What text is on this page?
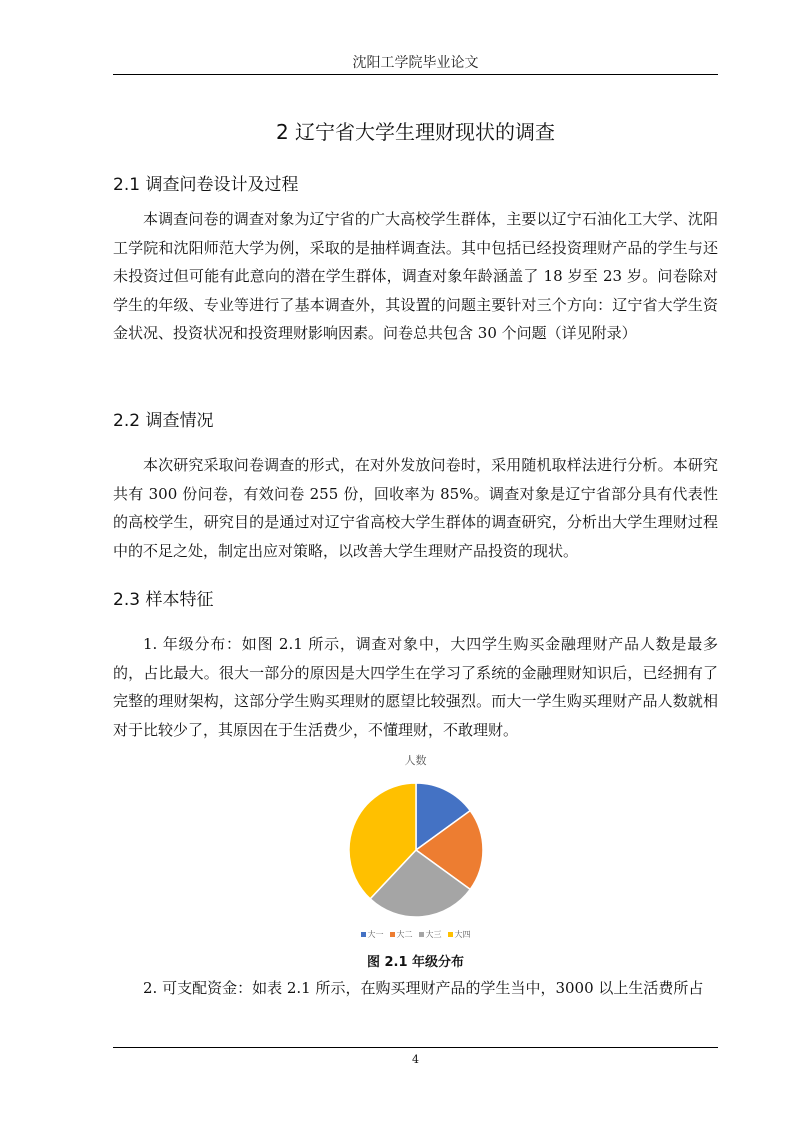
沈阳工学院毕业论文
2 辽宁省大学生理财现状的调查
2.1 调查问卷设计及过程

本调查问卷的调查对象为辽宁省的广大高校学生群体，主要以辽宁石油化工大学、沈阳工学院和沈阳师范大学为例，采取的是抽样调查法。其中包括已经投资理财产品的学生与还未投资过但可能有此意向的潜在学生群体，调查对象年龄涵盖了 18 岁至 23 岁。问卷除对学生的年级、专业等进行了基本调查外，其设置的问题主要针对三个方向：辽宁省大学生资金状况、投资状况和投资理财影响因素。问卷总共包含 30 个问题（详见附录）

2.2 调查情况

本次研究采取问卷调查的形式，在对外发放问卷时，采用随机取样法进行分析。本研究共有 300 份问卷，有效问卷 255 份，回收率为 85%。调查对象是辽宁省部分具有代表性的高校学生，研究目的是通过对辽宁省高校大学生群体的调查研究，分析出大学生理财过程中的不足之处，制定出应对策略，以改善大学生理财产品投资的现状。

2.3 样本特征

1. 年级分布：如图 2.1 所示，调查对象中，大四学生购买金融理财产品人数是最多的，占比最大。很大一部分的原因是大四学生在学习了系统的金融理财知识后，已经拥有了完整的理财架构，这部分学生购买理财的愿望比较强烈。而大一学生购买理财产品人数就相对于比较少了，其原因在于生活费少，不懂理财，不敢理财。

人数
大一 大二 大三 大四
图 2.1 年级分布

2. 可支配资金：如表 2.1 所示，在购买理财产品的学生当中，3000 以上生活费所占

4
